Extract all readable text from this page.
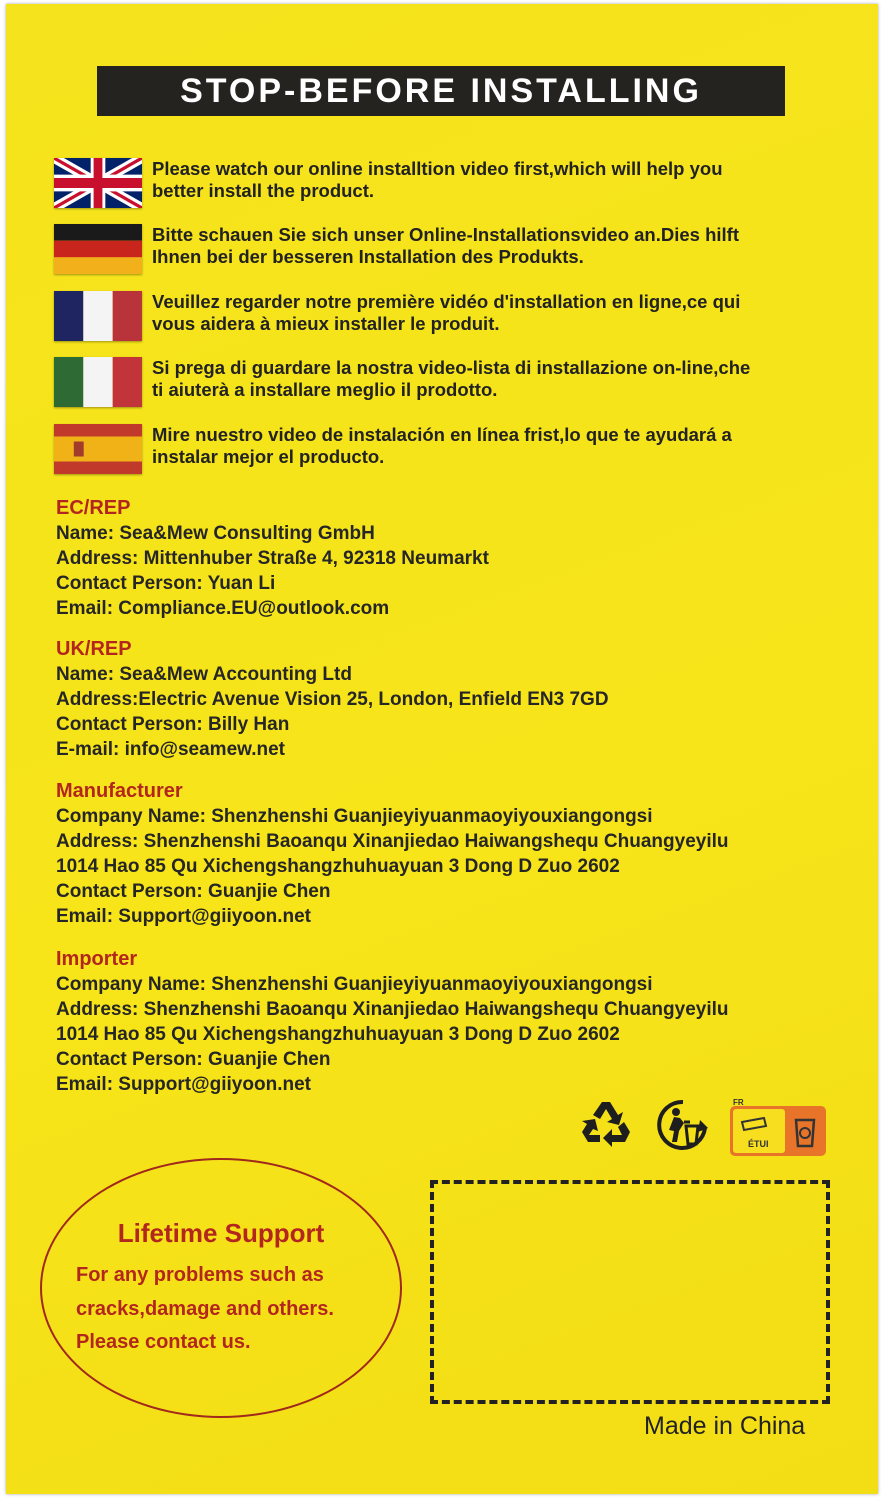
STOP-BEFORE INSTALLING
Please watch our online installtion video first,which will help you
better install the product.
Bitte schauen Sie sich unser Online-Installationsvideo an.Dies hilft
Ihnen bei der besseren Installation des Produkts.
Veuillez regarder notre première vidéo d'installation en ligne,ce qui
vous aidera à mieux installer le produit.
Si prega di guardare la nostra video-lista di installazione on-line,che
ti aiuterà a installare meglio il prodotto.
Mire nuestro video de instalación en línea frist,lo que te ayudará a
instalar mejor el producto.
EC/REP
Name: Sea&Mew Consulting GmbH
Address: Mittenhuber Straße 4, 92318 Neumarkt
Contact Person: Yuan Li
Email: Compliance.EU@outlook.com
UK/REP
Name: Sea&Mew Accounting Ltd
Address:Electric Avenue Vision 25, London, Enfield EN3 7GD
Contact Person: Billy Han
E-mail: info@seamew.net
Manufacturer
Company Name: Shenzhenshi Guanjieyiyuanmaoyiyouxiangongsi
Address: Shenzhenshi Baoanqu Xinanjiedao Haiwangshequ Chuangyeyilu
1014 Hao 85 Qu Xichengshangzhuhuayuan 3 Dong D Zuo 2602
Contact Person: Guanjie Chen
Email: Support@giiyoon.net
Importer
Company Name: Shenzhenshi Guanjieyiyuanmaoyiyouxiangongsi
Address: Shenzhenshi Baoanqu Xinanjiedao Haiwangshequ Chuangyeyilu
1014 Hao 85 Qu Xichengshangzhuhuayuan 3 Dong D Zuo 2602
Contact Person: Guanjie Chen
Email: Support@giiyoon.net
FR
ÉTUI
Lifetime Support
For any problems such as
cracks,damage and others.
Please contact us.
Made in China
